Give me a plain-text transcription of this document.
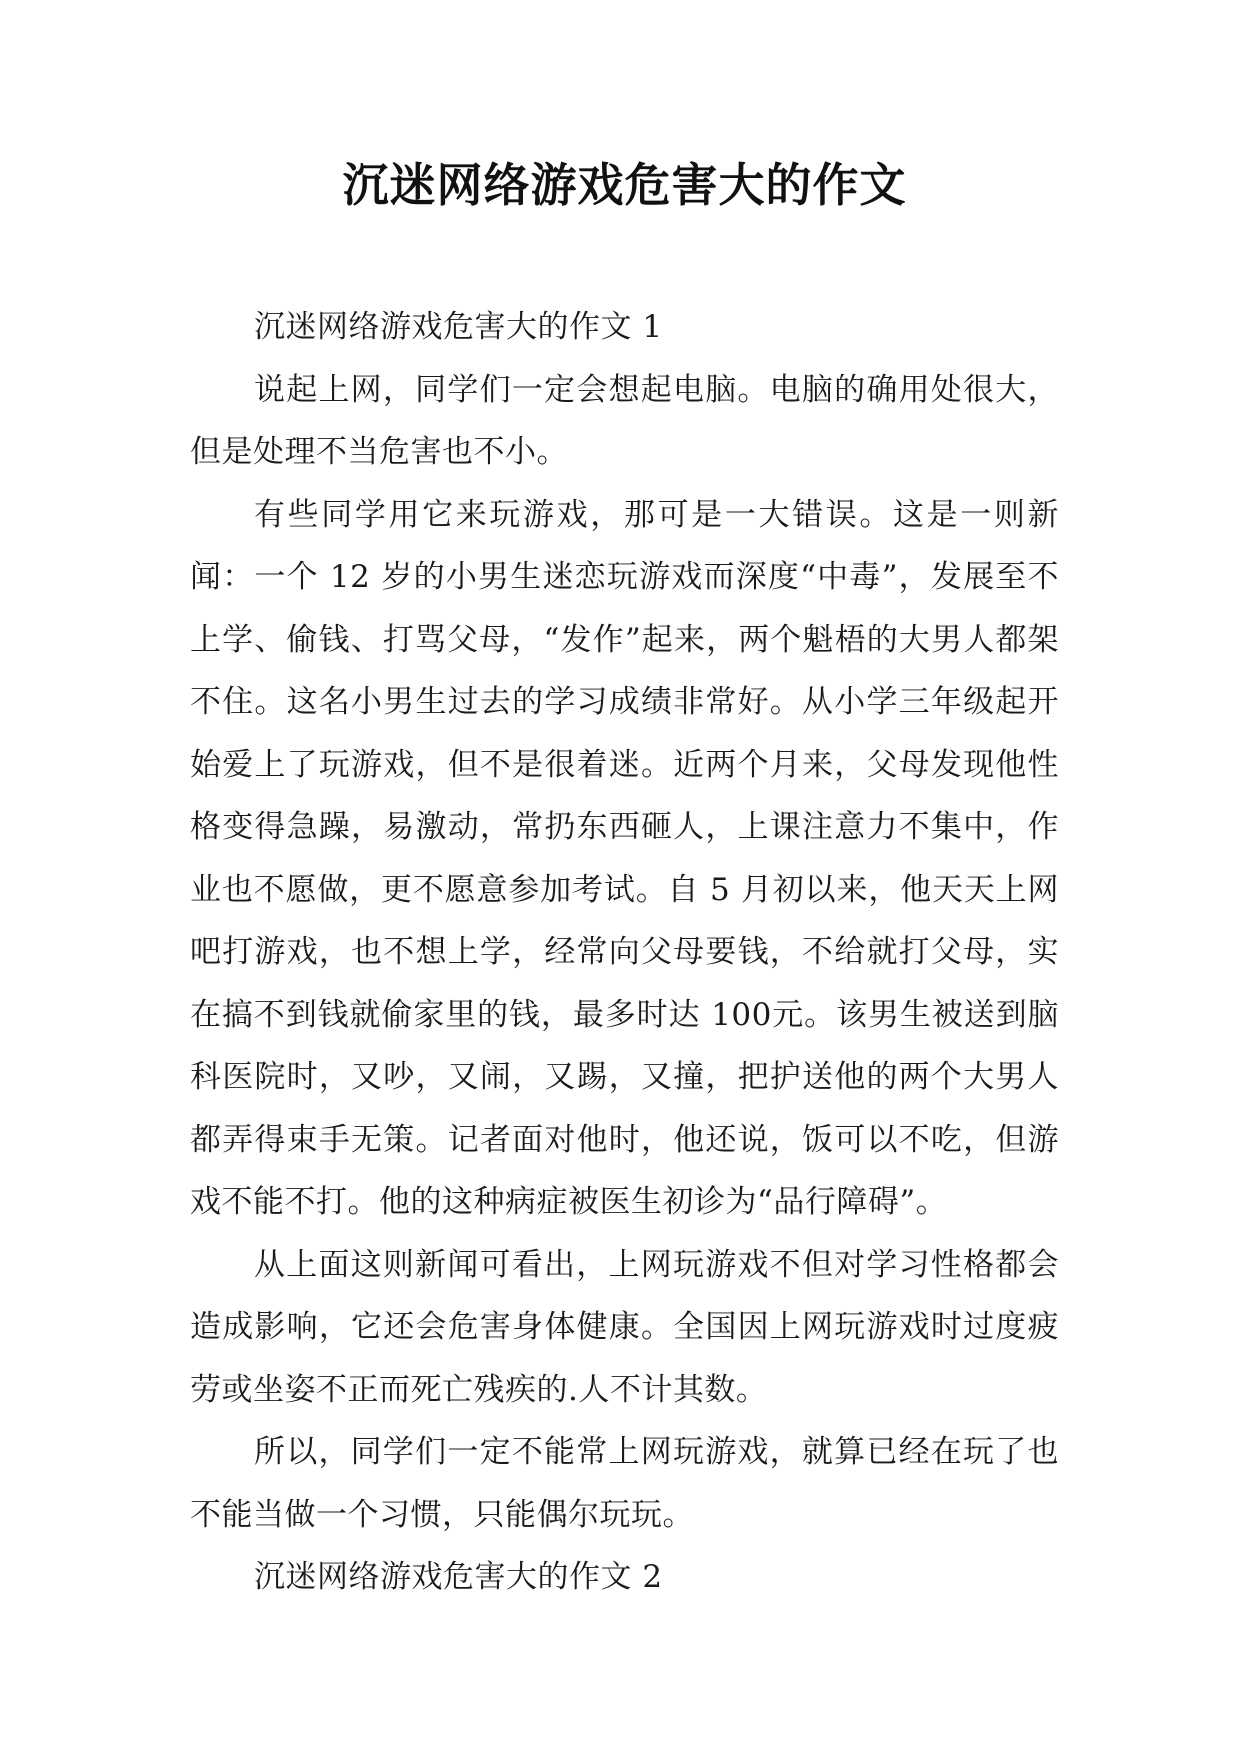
沉迷网络游戏危害大的作文

沉迷网络游戏危害大的作文 1

说起上网，同学们一定会想起电脑。电脑的确用处很大，但是处理不当危害也不小。

有些同学用它来玩游戏，那可是一大错误。这是一则新闻：一个 12 岁的小男生迷恋玩游戏而深度“中毒”，发展至不上学、偷钱、打骂父母，“发作”起来，两个魁梧的大男人都架不住。这名小男生过去的学习成绩非常好。从小学三年级起开始爱上了玩游戏，但不是很着迷。近两个月来，父母发现他性格变得急躁，易激动，常扔东西砸人，上课注意力不集中，作业也不愿做，更不愿意参加考试。自 5 月初以来，他天天上网吧打游戏，也不想上学，经常向父母要钱，不给就打父母，实在搞不到钱就偷家里的钱，最多时达 100元。该男生被送到脑科医院时，又吵，又闹，又踢，又撞，把护送他的两个大男人都弄得束手无策。记者面对他时，他还说，饭可以不吃，但游戏不能不打。他的这种病症被医生初诊为“品行障碍”。

从上面这则新闻可看出，上网玩游戏不但对学习性格都会造成影响，它还会危害身体健康。全国因上网玩游戏时过度疲劳或坐姿不正而死亡残疾的.人不计其数。

所以，同学们一定不能常上网玩游戏，就算已经在玩了也不能当做一个习惯，只能偶尔玩玩。

沉迷网络游戏危害大的作文 2
